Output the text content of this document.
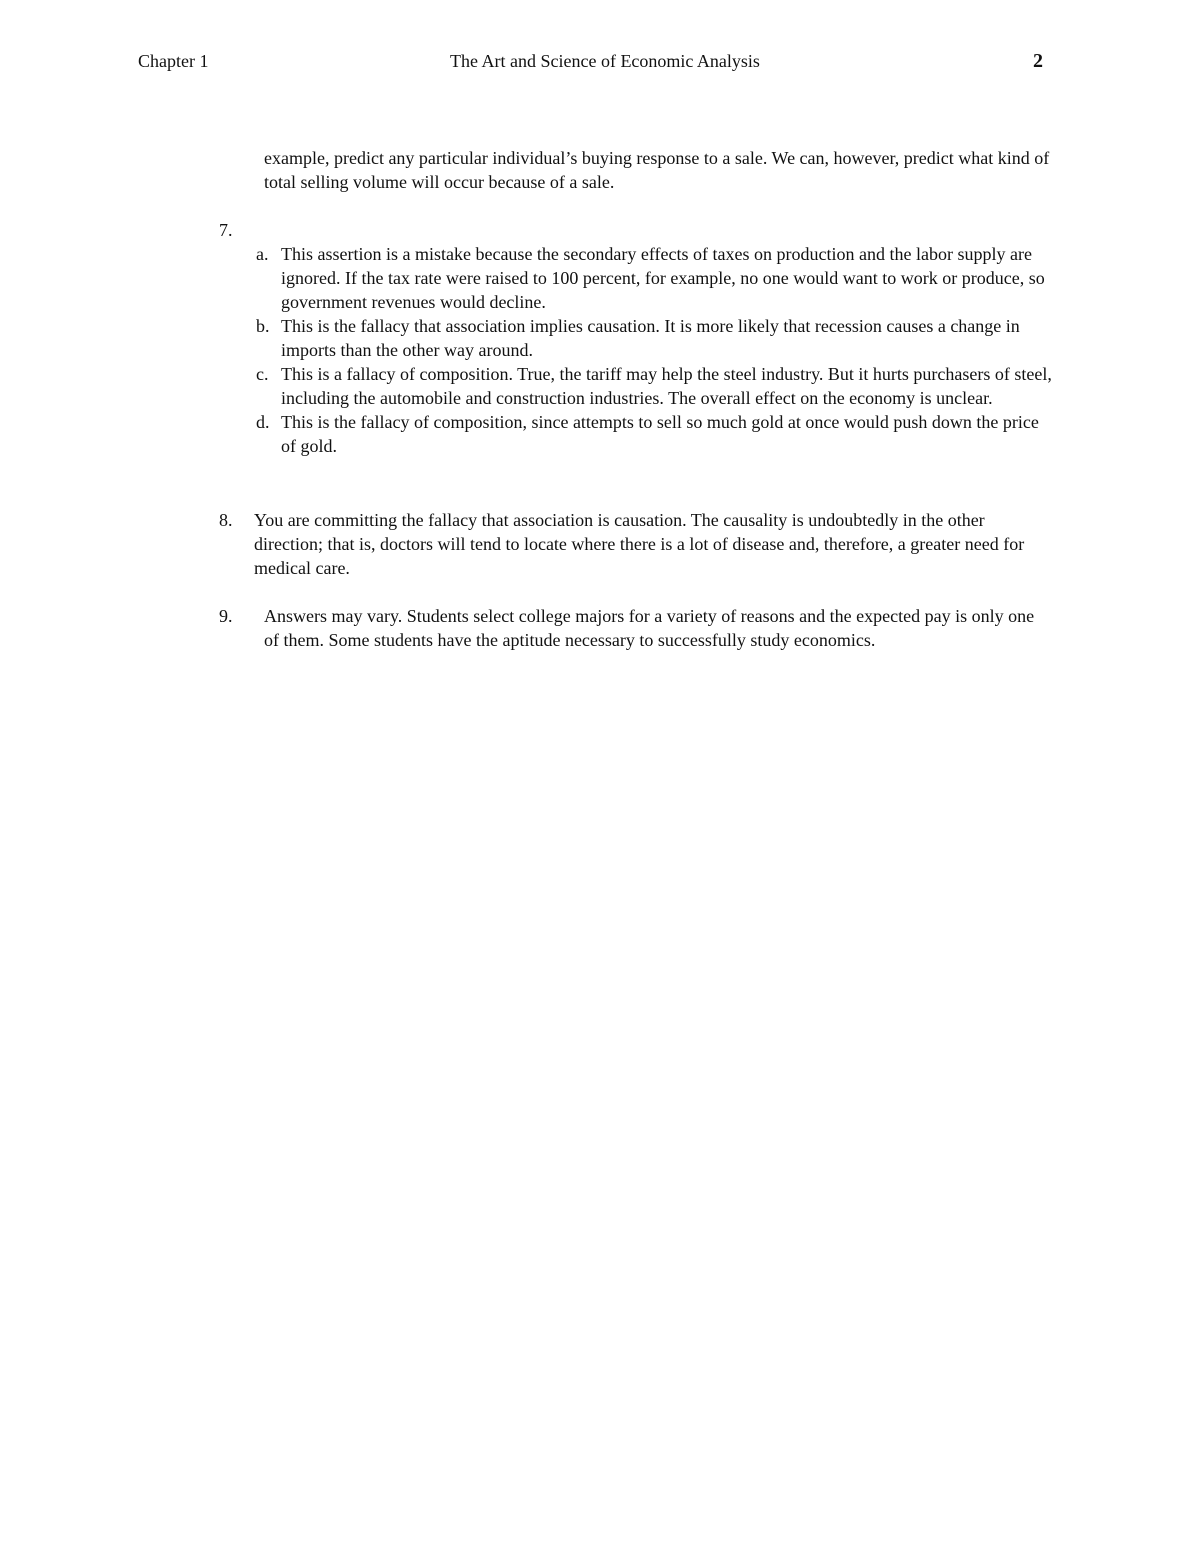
Chapter 1	The Art and Science of Economic Analysis	2
example, predict any particular individual’s buying response to a sale. We can, however, predict what kind of total selling volume will occur because of a sale.
7.
a. This assertion is a mistake because the secondary effects of taxes on production and the labor supply are ignored. If the tax rate were raised to 100 percent, for example, no one would want to work or produce, so government revenues would decline.
b. This is the fallacy that association implies causation. It is more likely that recession causes a change in imports than the other way around.
c. This is a fallacy of composition. True, the tariff may help the steel industry. But it hurts purchasers of steel, including the automobile and construction industries. The overall effect on the economy is unclear.
d. This is the fallacy of composition, since attempts to sell so much gold at once would push down the price of gold.
8. You are committing the fallacy that association is causation. The causality is undoubtedly in the other direction; that is, doctors will tend to locate where there is a lot of disease and, therefore, a greater need for medical care.
9. Answers may vary. Students select college majors for a variety of reasons and the expected pay is only one of them. Some students have the aptitude necessary to successfully study economics.
